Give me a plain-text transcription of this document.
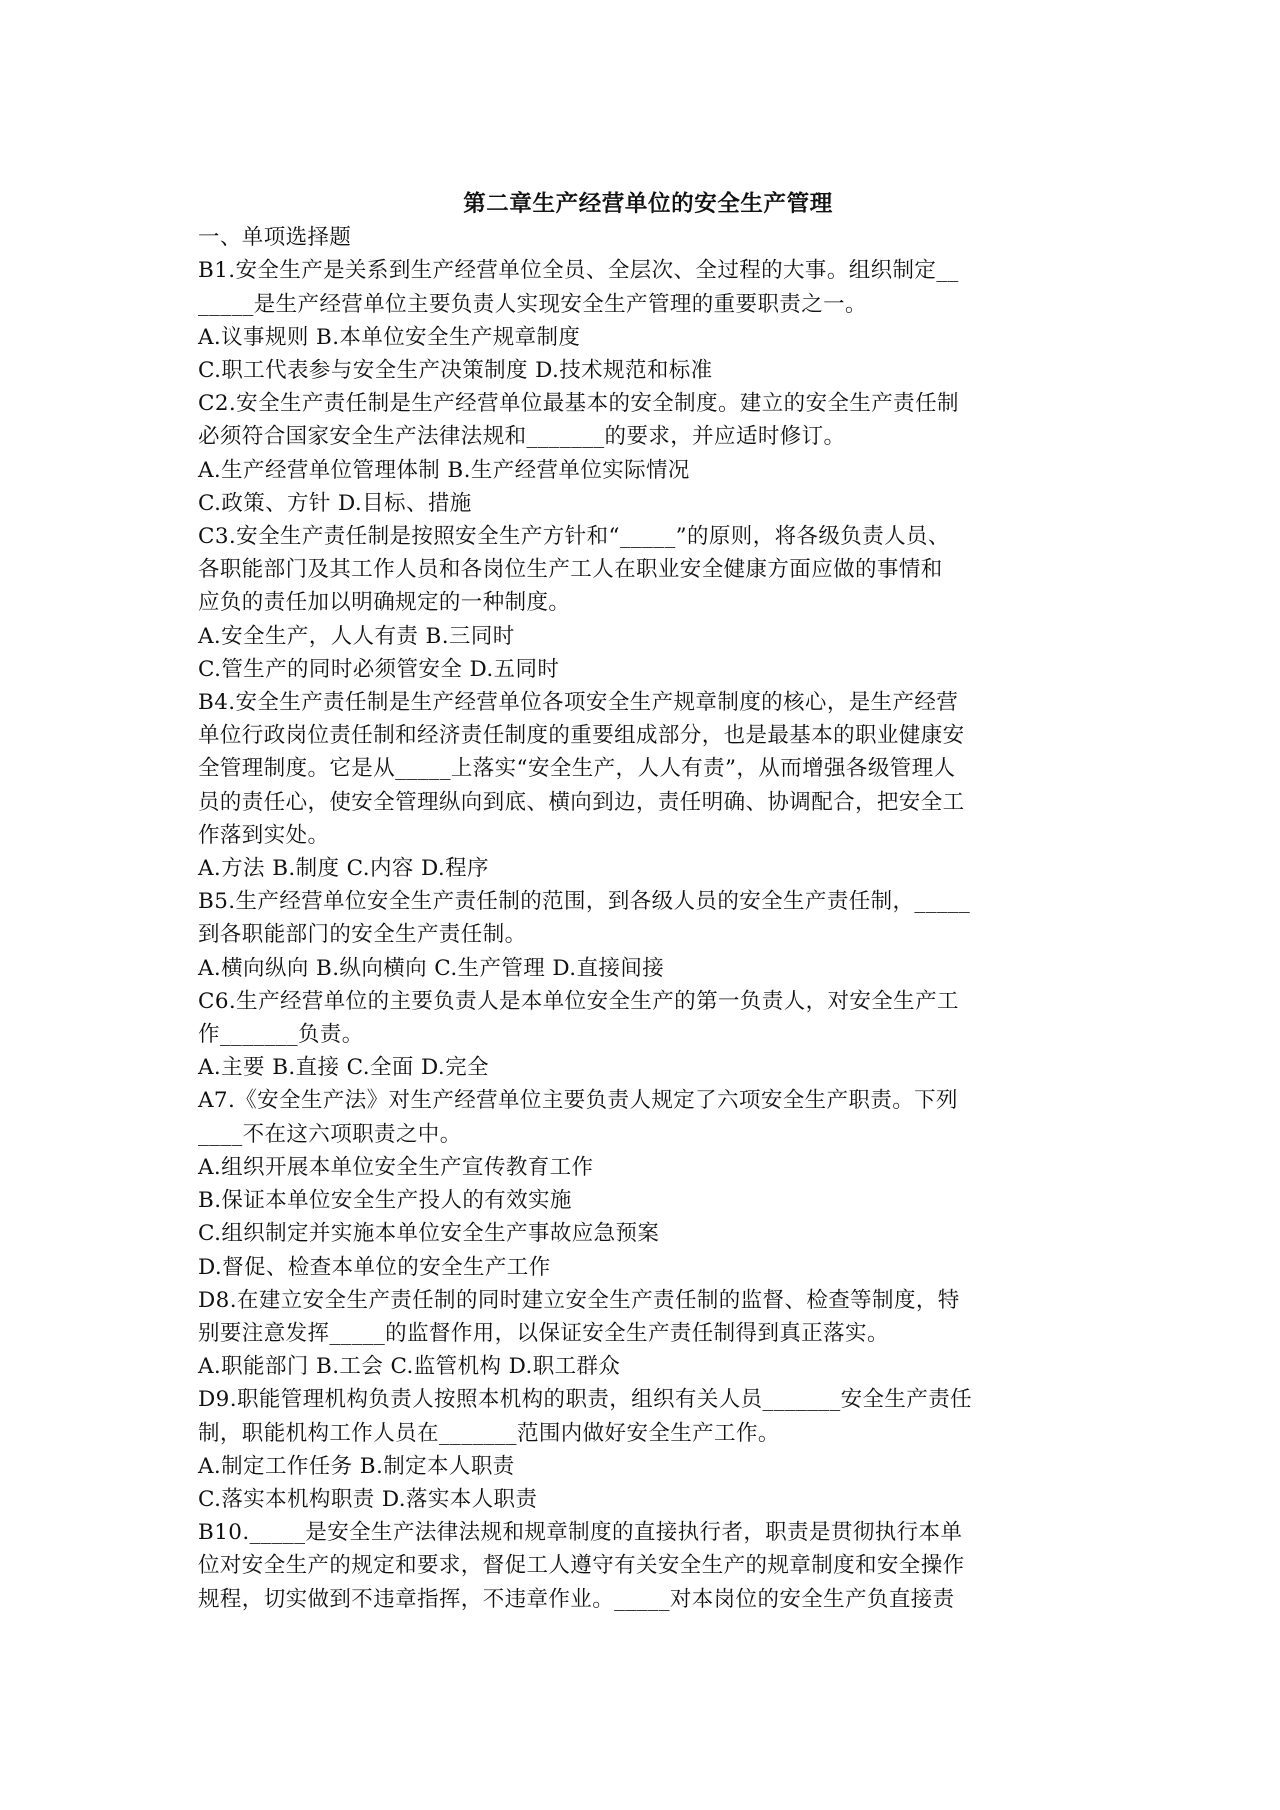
第二章生产经营单位的安全生产管理
一、单项选择题
B1.安全生产是关系到生产经营单位全员、全层次、全过程的大事。组织制定__
_____是生产经营单位主要负责人实现安全生产管理的重要职责之一。
A.议事规则 B.本单位安全生产规章制度
C.职工代表参与安全生产决策制度 D.技术规范和标准
C2.安全生产责任制是生产经营单位最基本的安全制度。建立的安全生产责任制
必须符合国家安全生产法律法规和_______的要求，并应适时修订。
A.生产经营单位管理体制 B.生产经营单位实际情况
C.政策、方针 D.目标、措施
C3.安全生产责任制是按照安全生产方针和“_____”的原则，将各级负责人员、
各职能部门及其工作人员和各岗位生产工人在职业安全健康方面应做的事情和
应负的责任加以明确规定的一种制度。
A.安全生产，人人有责 B.三同时
C.管生产的同时必须管安全 D.五同时
B4.安全生产责任制是生产经营单位各项安全生产规章制度的核心，是生产经营
单位行政岗位责任制和经济责任制度的重要组成部分，也是最基本的职业健康安
全管理制度。它是从_____上落实“安全生产，人人有责”，从而增强各级管理人
员的责任心，使安全管理纵向到底、横向到边，责任明确、协调配合，把安全工
作落到实处。
A.方法 B.制度 C.内容 D.程序
B5.生产经营单位安全生产责任制的范围，到各级人员的安全生产责任制，_____
到各职能部门的安全生产责任制。
A.横向纵向 B.纵向横向 C.生产管理 D.直接间接
C6.生产经营单位的主要负责人是本单位安全生产的第一负责人，对安全生产工
作_______负责。
A.主要 B.直接 C.全面 D.完全
A7.《安全生产法》对生产经营单位主要负责人规定了六项安全生产职责。下列
____不在这六项职责之中。
A.组织开展本单位安全生产宣传教育工作
B.保证本单位安全生产投人的有效实施
C.组织制定并实施本单位安全生产事故应急预案
D.督促、检查本单位的安全生产工作
D8.在建立安全生产责任制的同时建立安全生产责任制的监督、检查等制度，特
别要注意发挥_____的监督作用，以保证安全生产责任制得到真正落实。
A.职能部门 B.工会 C.监管机构 D.职工群众
D9.职能管理机构负责人按照本机构的职责，组织有关人员_______安全生产责任
制，职能机构工作人员在_______范围内做好安全生产工作。
A.制定工作任务 B.制定本人职责
C.落实本机构职责 D.落实本人职责
B10._____是安全生产法律法规和规章制度的直接执行者，职责是贯彻执行本单
位对安全生产的规定和要求，督促工人遵守有关安全生产的规章制度和安全操作
规程，切实做到不违章指挥，不违章作业。_____对本岗位的安全生产负直接责
